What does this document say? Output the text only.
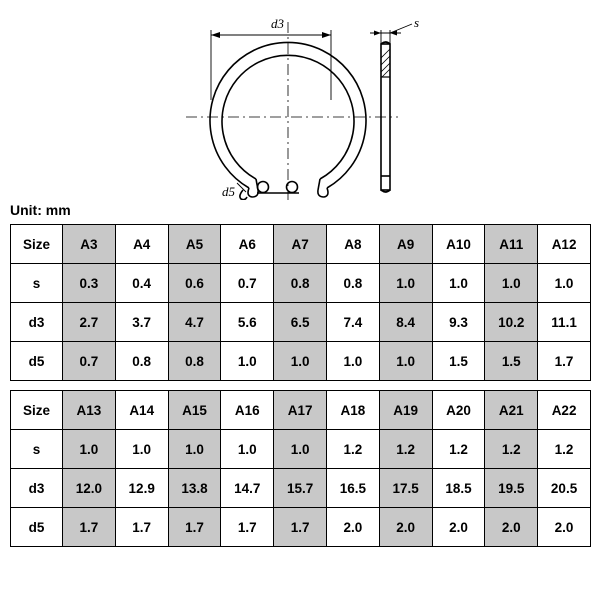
d3
d5
s
Unit: mm
Size	A3	A4	A5	A6	A7	A8	A9	A10	A11	A12
s	0.3	0.4	0.6	0.7	0.8	0.8	1.0	1.0	1.0	1.0
d3	2.7	3.7	4.7	5.6	6.5	7.4	8.4	9.3	10.2	11.1
d5	0.7	0.8	0.8	1.0	1.0	1.0	1.0	1.5	1.5	1.7
Size	A13	A14	A15	A16	A17	A18	A19	A20	A21	A22
s	1.0	1.0	1.0	1.0	1.0	1.2	1.2	1.2	1.2	1.2
d3	12.0	12.9	13.8	14.7	15.7	16.5	17.5	18.5	19.5	20.5
d5	1.7	1.7	1.7	1.7	1.7	2.0	2.0	2.0	2.0	2.0
